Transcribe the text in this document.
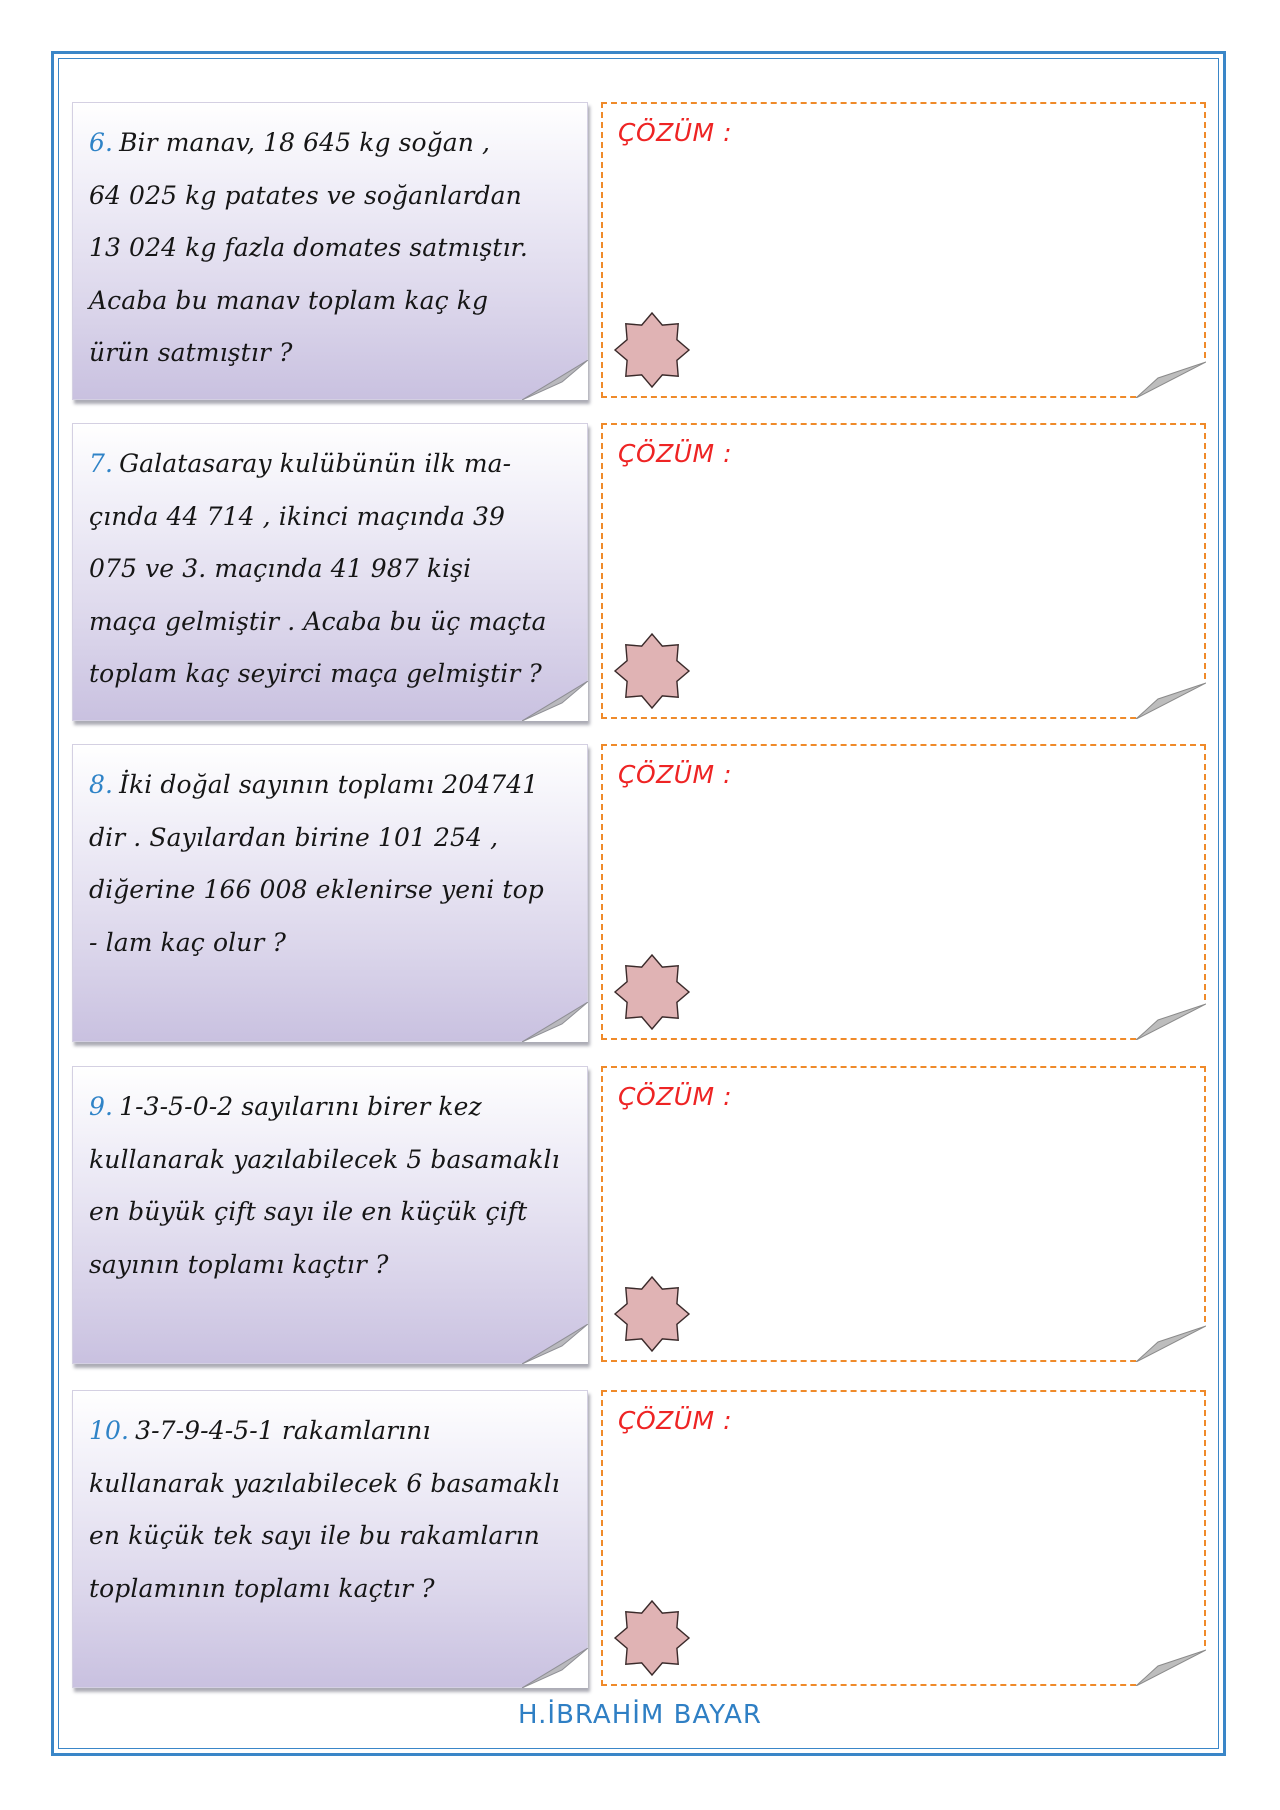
6. Bir manav, 18 645 kg soğan ,
64 025 kg patates ve soğanlardan
13 024 kg fazla domates satmıştır.
Acaba bu manav toplam kaç kg
ürün satmıştır ?

ÇÖZÜM :

7. Galatasaray kulübünün ilk ma-
çında 44 714 , ikinci maçında 39
075 ve 3. maçında 41 987 kişi
maça gelmiştir . Acaba bu üç maçta
toplam kaç seyirci maça gelmiştir ?

ÇÖZÜM :

8. İki doğal sayının toplamı 204741
dir . Sayılardan birine 101 254 ,
diğerine 166 008 eklenirse yeni top
- lam kaç olur ?

ÇÖZÜM :

9. 1-3-5-0-2 sayılarını birer kez
kullanarak yazılabilecek 5 basamaklı
en büyük çift sayı ile en küçük çift
sayının toplamı kaçtır ?

ÇÖZÜM :

10. 3-7-9-4-5-1 rakamlarını
kullanarak yazılabilecek 6 basamaklı
en küçük tek sayı ile bu rakamların
toplamının toplamı kaçtır ?

ÇÖZÜM :
H.İBRAHİM BAYAR
